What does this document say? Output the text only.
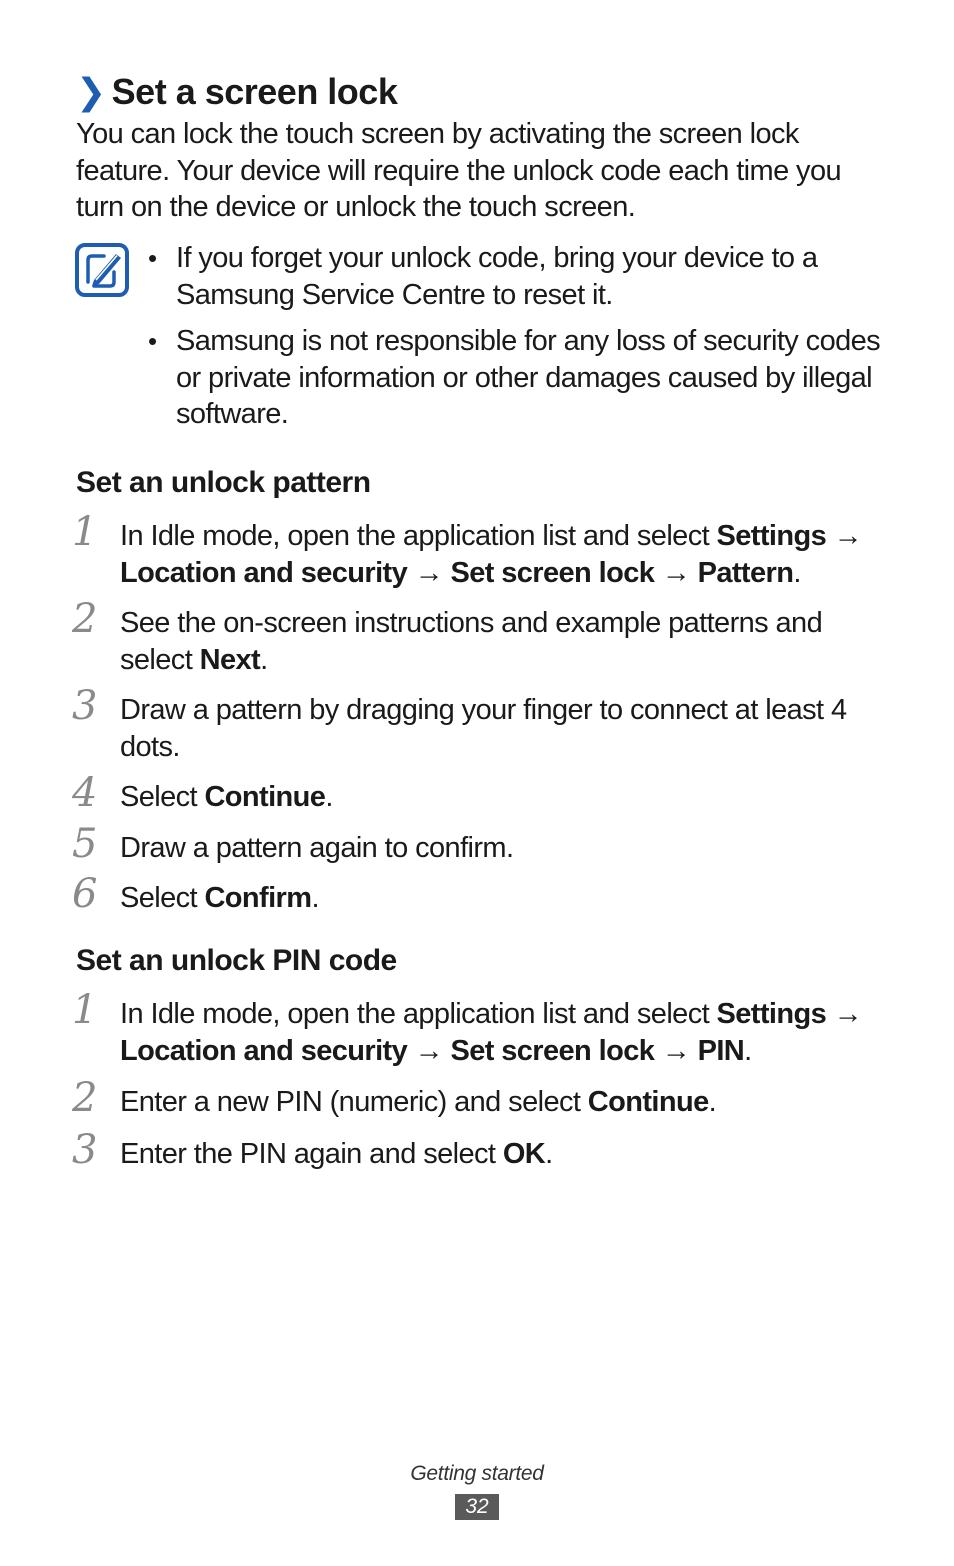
❯ Set a screen lock

You can lock the touch screen by activating the screen lock feature. Your device will require the unlock code each time you turn on the device or unlock the touch screen.

• If you forget your unlock code, bring your device to a Samsung Service Centre to reset it.
• Samsung is not responsible for any loss of security codes or private information or other damages caused by illegal software.
Set an unlock pattern
1 In Idle mode, open the application list and select Settings → Location and security → Set screen lock → Pattern.
2 See the on-screen instructions and example patterns and select Next.
3 Draw a pattern by dragging your finger to connect at least 4 dots.
4 Select Continue.
5 Draw a pattern again to confirm.
6 Select Confirm.
Set an unlock PIN code
1 In Idle mode, open the application list and select Settings → Location and security → Set screen lock → PIN.
2 Enter a new PIN (numeric) and select Continue.
3 Enter the PIN again and select OK.
Getting started
32
